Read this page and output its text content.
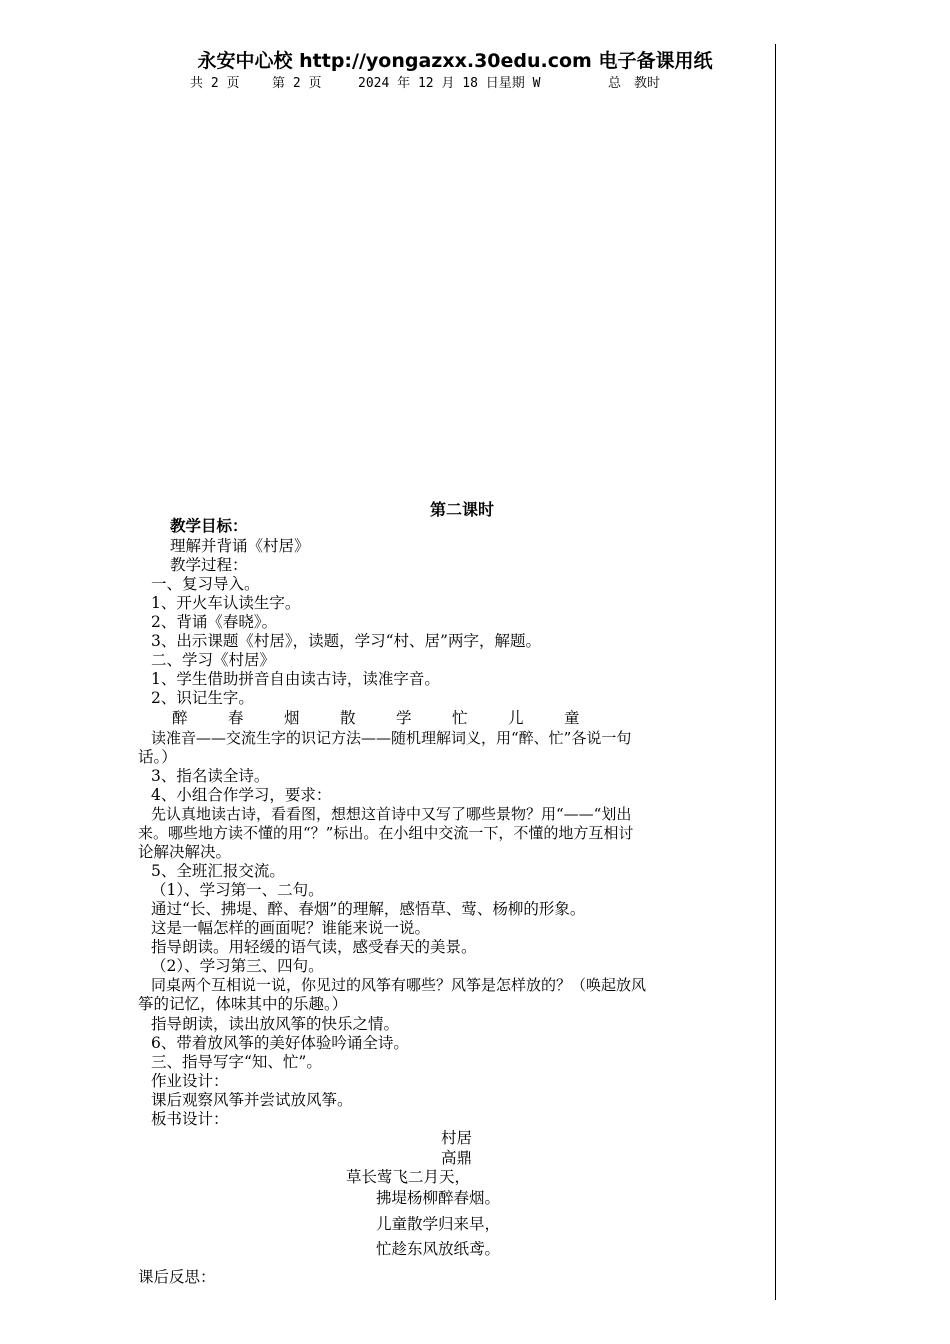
永安中心校 http://yongazxx.30edu.com 电子备课用纸
共 2 页	第 2 页	2024 年 12 月 18 日星期 W	总　教时
第二课时
教学目标：
理解并背诵《村居》
教学过程：
一、复习导入。
1、开火车认读生字。
2、背诵《春晓》。
3、出示课题《村居》，读题，学习“村、居”两字，解题。
二、学习《村居》
1、学生借助拼音自由读古诗，读准字音。
2、识记生字。
醉	春	烟	散	学	忙	儿	童
读准音——交流生字的识记方法——随机理解词义，用“醉、忙”各说一句
话。）
3、指名读全诗。
4、小组合作学习，要求：
先认真地读古诗，看看图，想想这首诗中又写了哪些景物？用“——“划出
来。哪些地方读不懂的用“？”标出。在小组中交流一下，不懂的地方互相讨
论解决解决。
5、全班汇报交流。
（1）、学习第一、二句。
通过“长、拂堤、醉、春烟”的理解，感悟草、莺、杨柳的形象。
这是一幅怎样的画面呢？谁能来说一说。
指导朗读。用轻缓的语气读，感受春天的美景。
（2）、学习第三、四句。
同桌两个互相说一说，你见过的风筝有哪些？风筝是怎样放的？（唤起放风
筝的记忆，体味其中的乐趣。）
指导朗读，读出放风筝的快乐之情。
6、带着放风筝的美好体验吟诵全诗。
三、指导写字“知、忙”。
作业设计：
课后观察风筝并尝试放风筝。
板书设计：
村居
高鼎
草长莺飞二月天，
拂堤杨柳醉春烟。
儿童散学归来早，
忙趁东风放纸鸢。
课后反思：
